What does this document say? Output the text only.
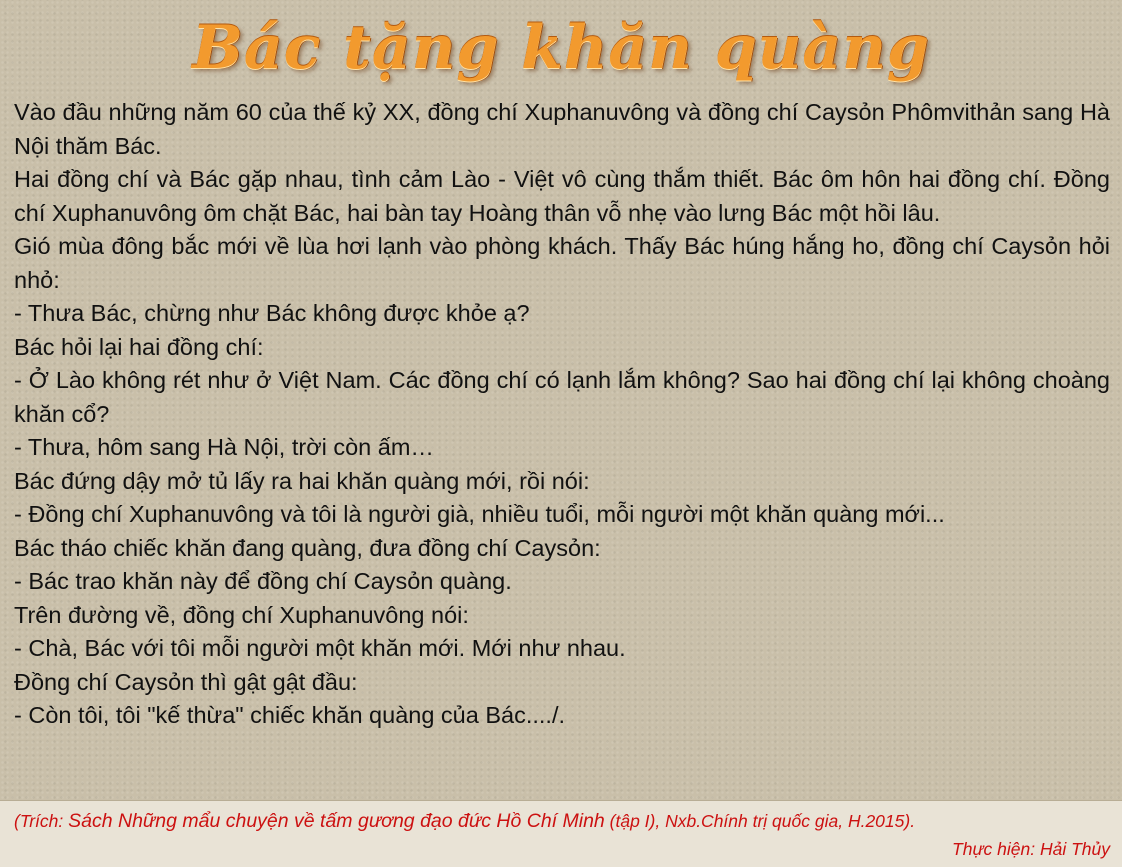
Bác tặng khăn quàng

Vào đầu những năm 60 của thế kỷ XX, đồng chí Xuphanuvông và đồng chí Caysỏn Phômvithản sang Hà Nội thăm Bác.

Hai đồng chí và Bác gặp nhau, tình cảm Lào - Việt vô cùng thắm thiết. Bác ôm hôn hai đồng chí. Đồng chí Xuphanuvông ôm chặt Bác, hai bàn tay Hoàng thân vỗ nhẹ vào lưng Bác một hồi lâu.

Gió mùa đông bắc mới về lùa hơi lạnh vào phòng khách. Thấy Bác húng hắng ho, đồng chí Caysỏn hỏi nhỏ:

- Thưa Bác, chừng như Bác không được khỏe ạ?

Bác hỏi lại hai đồng chí:

- Ở Lào không rét như ở Việt Nam. Các đồng chí có lạnh lắm không? Sao hai đồng chí lại không choàng khăn cổ?

- Thưa, hôm sang Hà Nội, trời còn ấm…

Bác đứng dậy mở tủ lấy ra hai khăn quàng mới, rồi nói:

- Đồng chí Xuphanuvông và tôi là người già, nhiều tuổi, mỗi người một khăn quàng mới...

Bác tháo chiếc khăn đang quàng, đưa đồng chí Caysỏn:

- Bác trao khăn này để đồng chí Caysỏn quàng.

Trên đường về, đồng chí Xuphanuvông nói:

- Chà, Bác với tôi mỗi người một khăn mới. Mới như nhau.

Đồng chí Caysỏn thì gật gật đầu:

- Còn tôi, tôi "kế thừa" chiếc khăn quàng của Bác..../.

(Trích: Sách Những mẩu chuyện về tấm gương đạo đức Hồ Chí Minh (tập I), Nxb.Chính trị quốc gia, H.2015).
Thực hiện: Hải Thủy
